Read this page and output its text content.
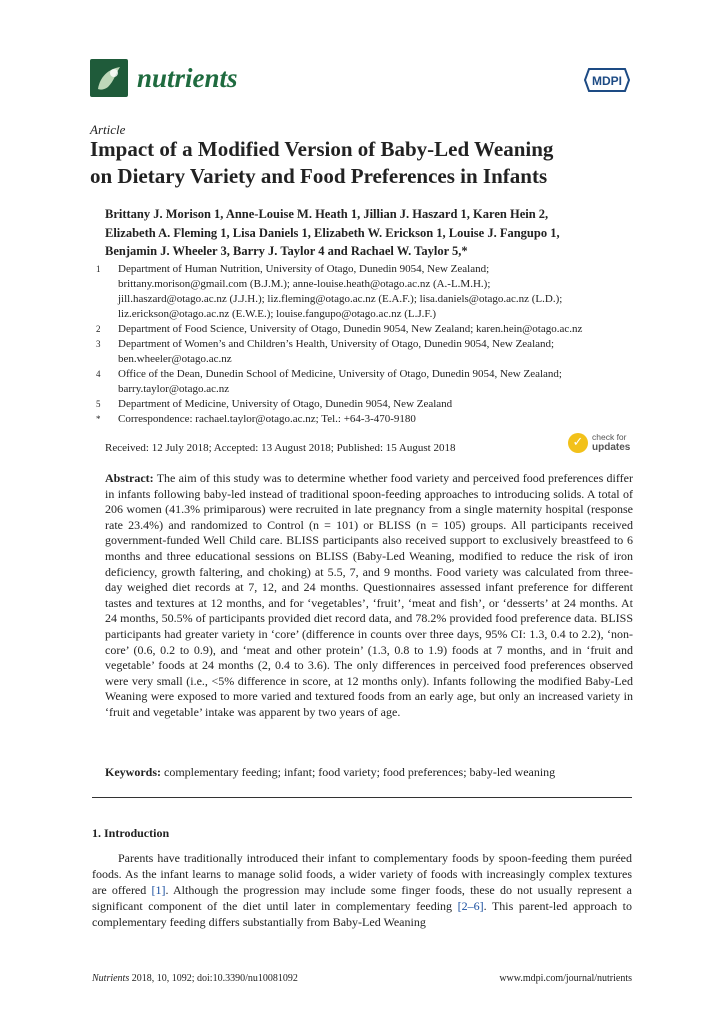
nutrients	MDPI
Article
Impact of a Modified Version of Baby-Led Weaning
on Dietary Variety and Food Preferences in Infants
Brittany J. Morison 1, Anne-Louise M. Heath 1, Jillian J. Haszard 1, Karen Hein 2,
Elizabeth A. Fleming 1, Lisa Daniels 1, Elizabeth W. Erickson 1, Louise J. Fangupo 1,
Benjamin J. Wheeler 3, Barry J. Taylor 4 and Rachael W. Taylor 5,*
1	Department of Human Nutrition, University of Otago, Dunedin 9054, New Zealand;
brittany.morison@gmail.com (B.J.M.); anne-louise.heath@otago.ac.nz (A.-L.M.H.);
jill.haszard@otago.ac.nz (J.J.H.); liz.fleming@otago.ac.nz (E.A.F.); lisa.daniels@otago.ac.nz (L.D.);
liz.erickson@otago.ac.nz (E.W.E.); louise.fangupo@otago.ac.nz (L.J.F.)
2	Department of Food Science, University of Otago, Dunedin 9054, New Zealand; karen.hein@otago.ac.nz
3	Department of Women’s and Children’s Health, University of Otago, Dunedin 9054, New Zealand;
ben.wheeler@otago.ac.nz
4	Office of the Dean, Dunedin School of Medicine, University of Otago, Dunedin 9054, New Zealand;
barry.taylor@otago.ac.nz
5	Department of Medicine, University of Otago, Dunedin 9054, New Zealand
*	Correspondence: rachael.taylor@otago.ac.nz; Tel.: +64-3-470-9180
Received: 12 July 2018; Accepted: 13 August 2018; Published: 15 August 2018	✓	check for
updates
Abstract: The aim of this study was to determine whether food variety and perceived food preferences differ in infants following baby-led instead of traditional spoon-feeding approaches to introducing solids. A total of 206 women (41.3% primiparous) were recruited in late pregnancy from a single maternity hospital (response rate 23.4%) and randomized to Control (n = 101) or BLISS (n = 105) groups. All participants received government-funded Well Child care. BLISS participants also received support to exclusively breastfeed to 6 months and three educational sessions on BLISS (Baby-Led Weaning, modified to reduce the risk of iron deficiency, growth faltering, and choking) at 5.5, 7, and 9 months. Food variety was calculated from three-day weighed diet records at 7, 12, and 24 months. Questionnaires assessed infant preference for different tastes and textures at 12 months, and for ‘vegetables’, ‘fruit’, ‘meat and fish’, or ‘desserts’ at 24 months. At 24 months, 50.5% of participants provided diet record data, and 78.2% provided food preference data. BLISS participants had greater variety in ‘core’ (difference in counts over three days, 95% CI: 1.3, 0.4 to 2.2), ‘non-core’ (0.6, 0.2 to 0.9), and ‘meat and other protein’ (1.3, 0.8 to 1.9) foods at 7 months, and in ‘fruit and vegetable’ foods at 24 months (2, 0.4 to 3.6). The only differences in perceived food preferences observed were very small (i.e., <5% difference in score, at 12 months only). Infants following the modified Baby-Led Weaning were exposed to more varied and textured foods from an early age, but only an increased variety in ‘fruit and vegetable’ intake was apparent by two years of age.
Keywords: complementary feeding; infant; food variety; food preferences; baby-led weaning
1. Introduction
Parents have traditionally introduced their infant to complementary foods by spoon-feeding them puréed foods. As the infant learns to manage solid foods, a wider variety of foods with increasingly complex textures are offered [1]. Although the progression may include some finger foods, these do not usually represent a significant component of the diet until later in complementary feeding [2–6]. This parent-led approach to complementary feeding differs substantially from Baby-Led Weaning
Nutrients 2018, 10, 1092; doi:10.3390/nu10081092	www.mdpi.com/journal/nutrients
